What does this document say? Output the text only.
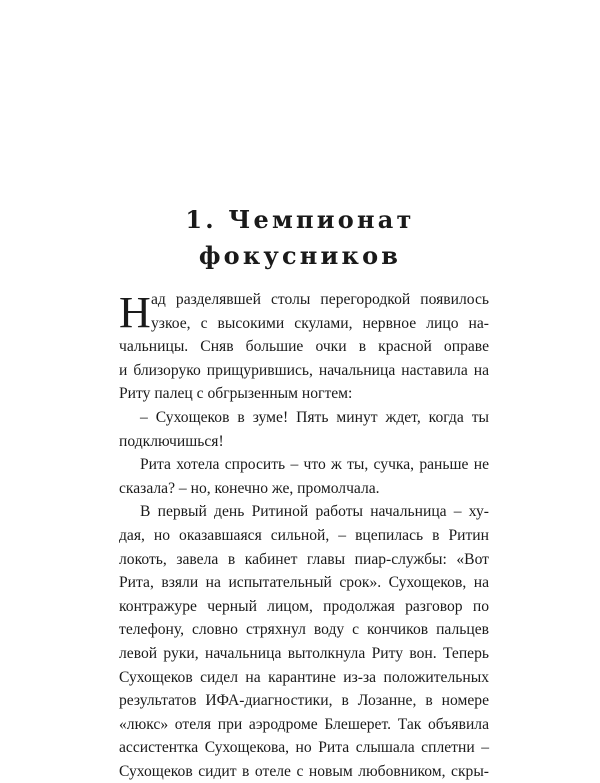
1. Чемпионат
фокусников
Н ад разделявшей столы перегородкой появилось
узкое, с высокими скулами, нервное лицо на-
чальницы. Сняв большие очки в красной оправе
и близоруко прищурившись, начальница наставила на
Риту палец с обгрызенным ногтем:
– Сухощеков в зуме! Пять минут ждет, когда ты
подключишься!
Рита хотела спросить – что ж ты, сучка, раньше не
сказала? – но, конечно же, промолчала.
В первый день Ритиной работы начальница – ху-
дая, но оказавшаяся сильной, – вцепилась в Ритин
локоть, завела в кабинет главы пиар-службы: «Вот
Рита, взяли на испытательный срок». Сухощеков, на
контражуре черный лицом, продолжая разговор по
телефону, словно стряхнул воду с кончиков пальцев
левой руки, начальница вытолкнула Риту вон. Теперь
Сухощеков сидел на карантине из-за положительных
результатов ИФА-диагностики, в Лозанне, в номере
«люкс» отеля при аэродроме Блешерет. Так объявила
ассистентка Сухощекова, но Рита слышала сплетни –
Сухощеков сидит в отеле с новым любовником, скры-
